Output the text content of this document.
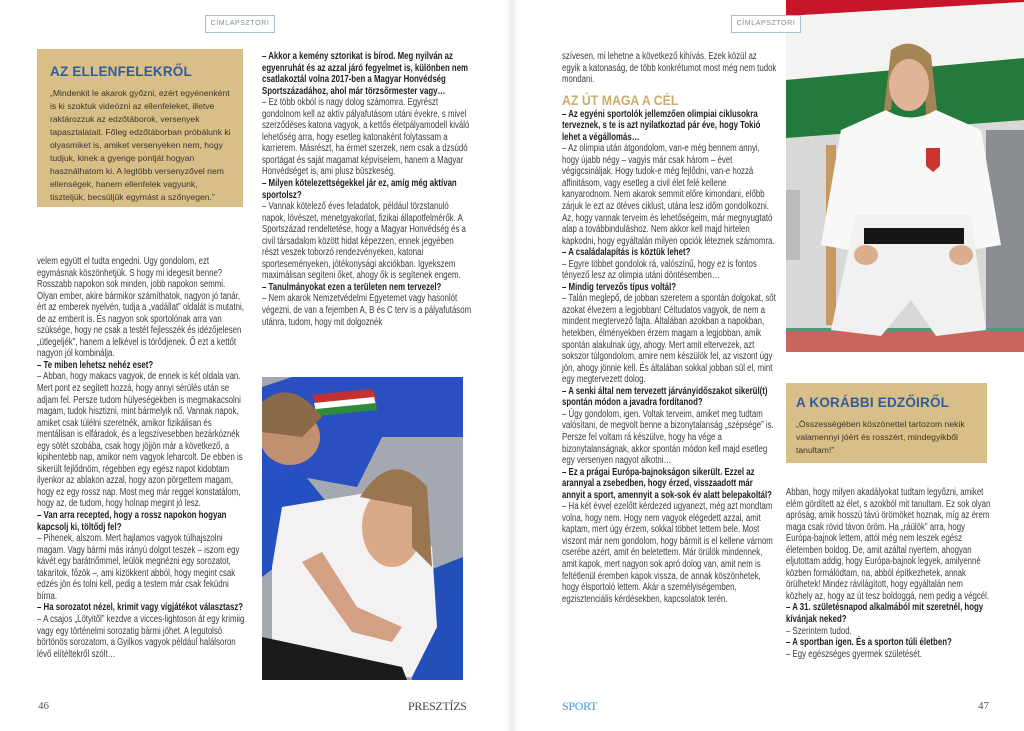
CÍMLAPSZTORI	CÍMLAPSZTORI
AZ ELLENFELEKRŐL

„Mindenkit le akarok győzni, ezért egyénenként is ki szoktuk videózni az ellenfeleket, illetve raktározzuk az edzőtáborok, versenyek tapasztalatait. Főleg edzőtáborban próbálunk ki olyasmiket is, amiket versenyeken nem, hogy tudjuk, kinek a gyenge pontját hogyan használhatom ki. A legtöbb versenyzővel nem ellenségek, hanem ellenfelek vagyunk, tiszteljük, becsüljük egymást a szőnyegen.”

A KORÁBBI EDZŐIRŐL

„Összességében köszönettel tartozom nekik valamennyi jóért és rosszért, mindegyikből tanultam!”

velem együtt el tudta engedni. Úgy gondolom, ezt egymásnak köszönhetjük. S hogy mi idegesít benne? Rosszabb napokon sok minden, jobb napokon semmi. Olyan ember, akire bármikor számíthatok, nagyon jó tanár, ért az emberek nyelvén, tudja a „vadállat” oldalát is mutatni, de az emberit is. És nagyon sok sportolónak arra van szüksége, hogy ne csak a testét fejlesszék és idézőjelesen „ütlegeljék”, hanem a lelkével is törődjenek. Ő ezt a kettőt nagyon jól kombinálja.

– Te miben lehetsz nehéz eset?

– Abban, hogy makacs vagyok, de ennek is két oldala van. Mert pont ez segített hozzá, hogy annyi sérülés után se adjam fel. Persze tudom hülyeségekben is megmakacsolni magam, tudok hisztizni, mint bármelyik nő. Vannak napok, amiket csak túlélni szeretnék, amikor fizikálisan és mentálisan is elfáradok, és a legszívesebben bezárkóznék egy sötét szobába, csak hogy jöjjön már a következő, a kipihentebb nap, amikor nem vagyok leharcolt. De ebben is sikerült fejlődnöm, régebben egy egész napot kidobtam ilyenkor az ablakon azzal, hogy azon pörgettem magam, hogy ez egy rossz nap. Most meg már reggel konstatálom, hogy az, de tudom, hogy holnap megint jó lesz.

– Van arra recepted, hogy a rossz napokon hogyan kapcsolj ki, töltődj fel?

– Pihenek, alszom. Mert hajlamos vagyok túlhajszolni magam. Vagy bármi más irányú dolgot teszek – iszom egy kávét egy barátnőmmel, leülök megnézni egy sorozatot, takarítok, főzök –, ami kizökkent abból, hogy megint csak edzés jön és tolni kell, pedig a testem már csak feküdni bírna.

– Ha sorozatot nézel, krimit vagy vígjátékot választasz?

– A csajos „Lötyitől” kezdve a vicces-lightoson át egy krimiig vagy egy történelmi sorozatig bármi jöhet. A legutolsó börtönös sorozatom, a Gyilkos vagyok például halálsoron lévő elítéltekről szólt…

– Akkor a kemény sztorikat is bírod. Meg nyilván az egyenruhát és az azzal járó fegyelmet is, különben nem csatlakoztál volna 2017-ben a Magyar Honvédség Sportszázadához, ahol már törzsőrmester vagy…

– Ez több okból is nagy dolog számomra. Egyrészt gondolnom kell az aktív pályafutásom utáni évekre, s mivel szerződéses katona vagyok, a kettős életpályamodell kiváló lehetőség arra, hogy esetleg katonaként folytassam a karrierem. Másrészt, ha érmet szerzek, nem csak a dzsúdó sportágat és saját magamat képviselem, hanem a Magyar Honvédséget is, ami plusz büszkeség.

– Milyen kötelezettségekkel jár ez, amíg még aktívan sportolsz?

– Vannak kötelező éves feladatok, például törzstanuló napok, lövészet, menetgyakorlat, fizikai állapotfelmérők. A Sportszázad rendeltetése, hogy a Magyar Honvédség és a civil társadalom között hidat képezzen, ennek jegyében részt veszek toborzó rendezvényeken, katonai sporteseményeken, jótékonysági akciókban. Igyekszem maximálisan segíteni őket, ahogy ők is segítenek engem.

– Tanulmányokat ezen a területen nem tervezel?

– Nem akarok Nemzetvédelmi Egyetemet vagy hasonlót végezni, de van a fejemben A, B és C terv is a pályafutásom utánra, tudom, hogy mit dolgoznék

szívesen, mi lehetne a következő kihívás. Ezek közül az egyik a katonaság, de több konkrétumot most még nem tudok mondani.

AZ ÚT MAGA A CÉL

– Az egyéni sportolók jellemzően olimpiai ciklusokra terveznek, s te is azt nyilatkoztad pár éve, hogy Tokió lehet a végállomás…

– Az olimpia után átgondolom, van-e még bennem annyi, hogy újabb négy – vagyis már csak három – évet végigcsináljak. Hogy tudok-e még fejlődni, van-e hozzá affinitásom, vagy esetleg a civil élet felé kellene kanyarodnom. Nem akarok semmit előre kimondani, előbb zárjuk le ezt az ötéves ciklust, utána lesz időm gondolkozni. Az, hogy vannak terveim és lehetőségeim, már megnyugtató alap a továbbinduláshoz. Nem akkor kell majd hirtelen kapkodni, hogy egyáltalán milyen opciók léteznek számomra.

– A családalapítás is köztük lehet?

– Egyre többet gondolok rá, valószínű, hogy ez is fontos tényező lesz az olimpia utáni döntésemben…

– Mindig tervezős típus voltál?

– Talán meglepő, de jobban szeretem a spontán dolgokat, sőt azokat élvezem a legjobban! Céltudatos vagyok, de nem a mindent megtervező fajta. Általában azokban a napokban, hetekben, élményekben érzem magam a legjobban, amik spontán alakulnak úgy, ahogy. Mert amit eltervezek, azt sokszor túlgondolom, amire nem készülök fel, az viszont úgy jön, ahogy jönnie kell. És általában sokkal jobban sül el, mint egy megtervezett dolog.

– A senki által nem tervezett járványidőszakot sikerül(t) spontán módon a javadra fordítanod?

– Úgy gondolom, igen. Voltak terveim, amiket meg tudtam valósítani, de megvolt benne a bizonytalanság „szépsége” is. Persze fel voltam rá készülve, hogy ha vége a bizonytalanságnak, akkor spontán módon kell majd esetleg egy versenyen nagyot alkotni…

– Ez a prágai Európa-bajnokságon sikerült. Ezzel az arannyal a zsebedben, hogy érzed, visszaadott már annyit a sport, amennyit a sok-sok év alatt belepakoltál?

– Ha két évvel ezelőtt kérdezed ugyanezt, még azt mondtam volna, hogy nem. Hogy nem vagyok elégedett azzal, amit kaptam, mert úgy érzem, sokkal többet tettem bele. Most viszont már nem gondolom, hogy bármit is el kellene várnom cserébe azért, amit én beletettem. Már örülök mindennek, amit kapok, mert nagyon sok apró dolog van, amit nem is feltétlenül éremben kapok vissza, de annak köszönhetek, hogy élsportoló lettem. Akár a személyiségemben, egzisztenciális kérdésekben, kapcsolatok terén.

Abban, hogy milyen akadályokat tudtam legyőzni, amiket elém gördített az élet, s azokból mit tanultam. Ez sok olyan apróság, amik hosszú távú örömöket hoznak, míg az érem maga csak rövid távon öröm. Ha „ráülök” arra, hogy Európa-bajnok lettem, attól még nem leszek egész életemben boldog. De, amit azáltal nyertem, ahogyan eljutottam addig, hogy Európa-bajnok legyek, amilyenné közben formálódtam, na, abból építkezhetek, annak örülhetek! Mindez rávilágított, hogy egyáltalán nem közhely az, hogy az út tesz boldoggá, nem pedig a végcél.

– A 31. születésnapod alkalmából mit szeretnél, hogy kívánjak neked?

– Szerintem tudod.

– A sportban igen. És a sporton túli életben?

– Egy egészséges gyermek születését.

46	PRESZTÍZS	SPORT	47
